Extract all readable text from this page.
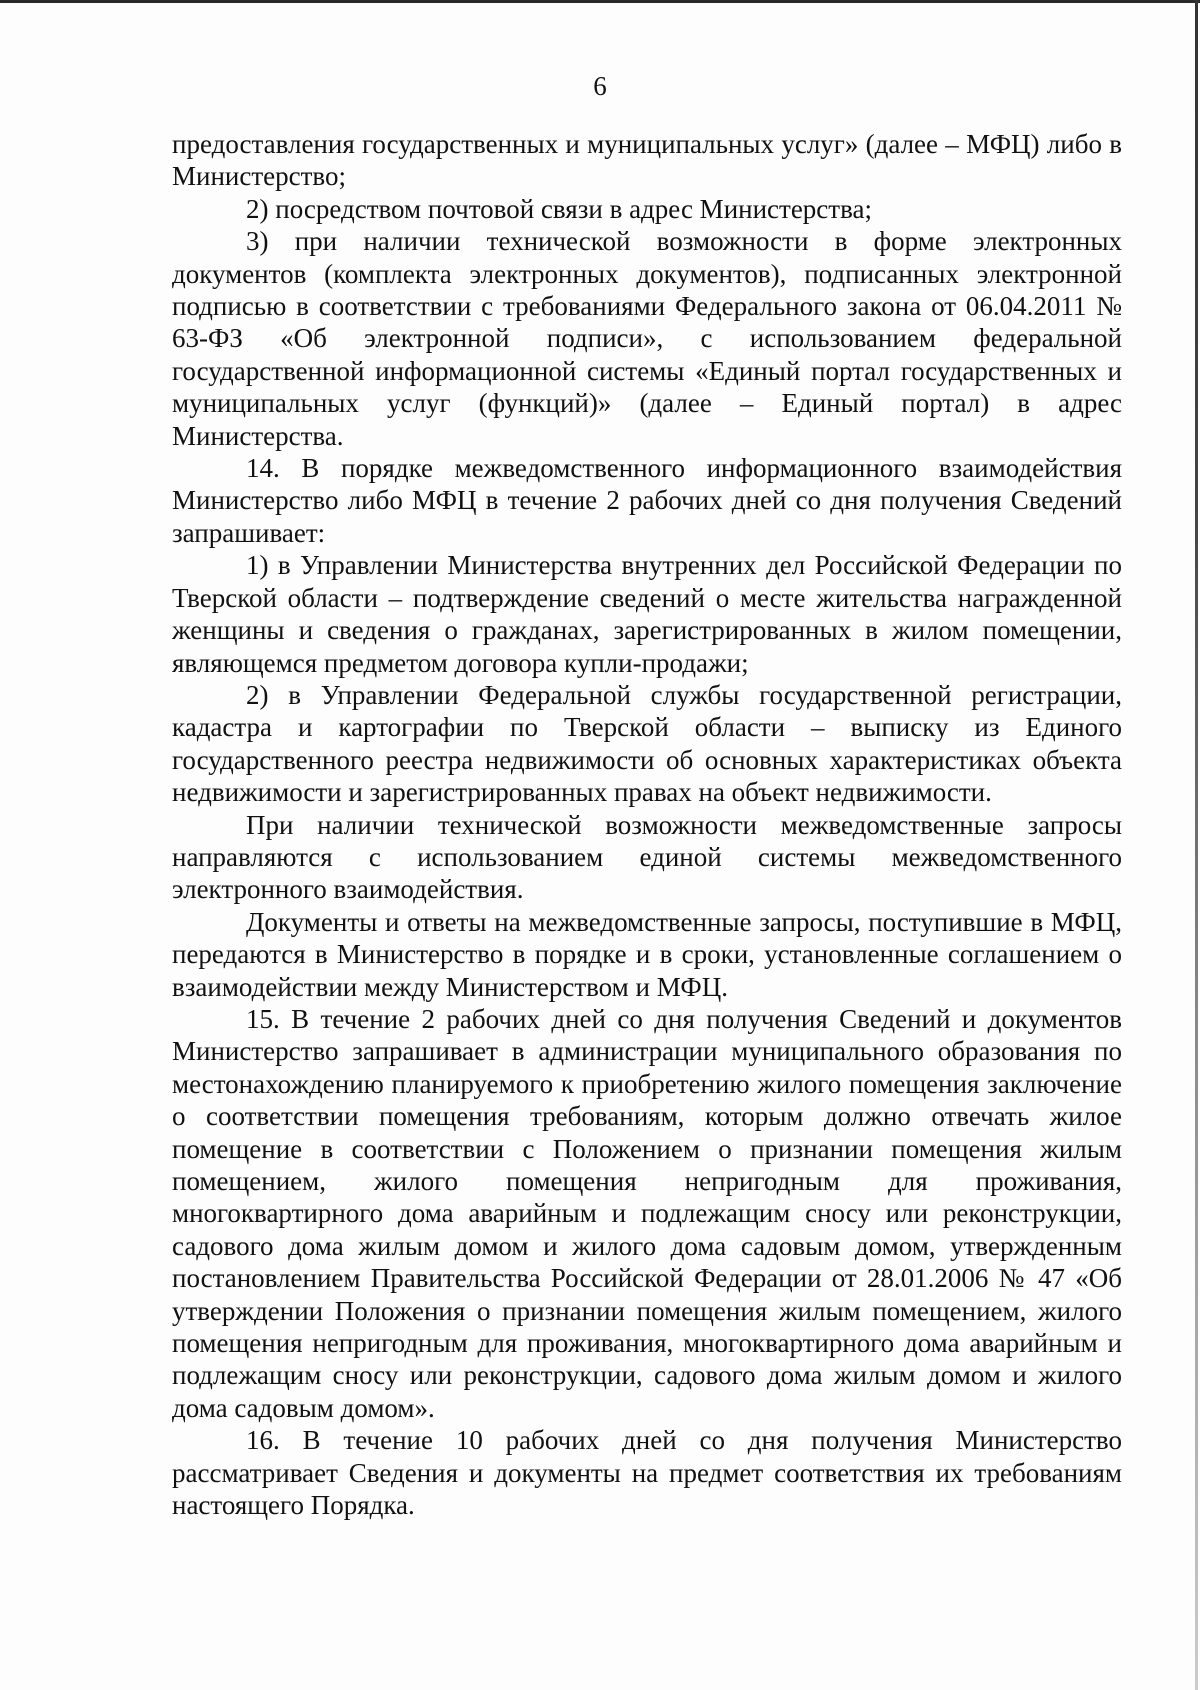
6

предоставления государственных и муниципальных услуг» (далее – МФЦ) либо в Министерство;

2) посредством почтовой связи в адрес Министерства;

3) при наличии технической возможности в форме электронных документов (комплекта электронных документов), подписанных электронной подписью в соответствии с требованиями Федерального закона от 06.04.2011 № 63-ФЗ «Об электронной подписи», с использованием федеральной государственной информационной системы «Единый портал государственных и муниципальных услуг (функций)» (далее – Единый портал) в адрес Министерства.

14. В порядке межведомственного информационного взаимодействия Министерство либо МФЦ в течение 2 рабочих дней со дня получения Сведений запрашивает:

1) в Управлении Министерства внутренних дел Российской Федерации по Тверской области – подтверждение сведений о месте жительства награжденной женщины и сведения о гражданах, зарегистрированных в жилом помещении, являющемся предметом договора купли-продажи;

2) в Управлении Федеральной службы государственной регистрации, кадастра и картографии по Тверской области – выписку из Единого государственного реестра недвижимости об основных характеристиках объекта недвижимости и зарегистрированных правах на объект недвижимости.

При наличии технической возможности межведомственные запросы направляются с использованием единой системы межведомственного электронного взаимодействия.

Документы и ответы на межведомственные запросы, поступившие в МФЦ, передаются в Министерство в порядке и в сроки, установленные соглашением о взаимодействии между Министерством и МФЦ.

15. В течение 2 рабочих дней со дня получения Сведений и документов Министерство запрашивает в администрации муниципального образования по местонахождению планируемого к приобретению жилого помещения заключение о соответствии помещения требованиям, которым должно отвечать жилое помещение в соответствии с Положением о признании помещения жилым помещением, жилого помещения непригодным для проживания, многоквартирного дома аварийным и подлежащим сносу или реконструкции, садового дома жилым домом и жилого дома садовым домом, утвержденным постановлением Правительства Российской Федерации от 28.01.2006 № 47 «Об утверждении Положения о признании помещения жилым помещением, жилого помещения непригодным для проживания, многоквартирного дома аварийным и подлежащим сносу или реконструкции, садового дома жилым домом и жилого дома садовым домом».

16. В течение 10 рабочих дней со дня получения Министерство рассматривает Сведения и документы на предмет соответствия их требованиям настоящего Порядка.
